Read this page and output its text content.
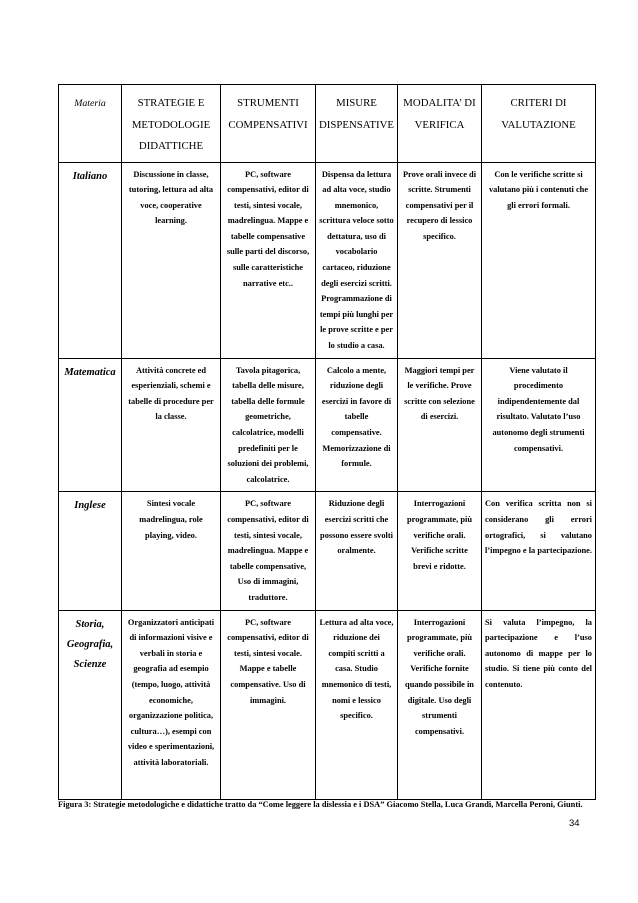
Materia	STRATEGIE E METODOLOGIE DIDATTICHE	STRUMENTI COMPENSATIVI	MISURE DISPENSATIVE	MODALITA’ DI VERIFICA	CRITERI DI VALUTAZIONE
Italiano	Discussione in classe, tutoring, lettura ad alta voce, cooperative learning.	PC, software compensativi, editor di testi, sintesi vocale, madrelingua. Mappe e tabelle compensative sulle parti del discorso, sulle caratteristiche narrative etc..	Dispensa da lettura ad alta voce, studio mnemonico, scrittura veloce sotto dettatura, uso di vocabolario cartaceo, riduzione degli esercizi scritti. Programmazione di tempi più lunghi per le prove scritte e per lo studio a casa.	Prove orali invece di scritte. Strumenti compensativi per il recupero di lessico specifico.	Con le verifiche scritte si valutano più i contenuti che gli errori formali.
Matematica	Attività concrete ed esperienziali, schemi e tabelle di procedure per la classe.	Tavola pitagorica, tabella delle misure, tabella delle formule geometriche, calcolatrice, modelli predefiniti per le soluzioni dei problemi, calcolatrice.	Calcolo a mente, riduzione degli esercizi in favore di tabelle compensative. Memorizzazione di formule.	Maggiori tempi per le verifiche. Prove scritte con selezione di esercizi.	Viene valutato il procedimento indipendentemente dal risultato. Valutato l’uso autonomo degli strumenti compensativi.
Inglese	Sintesi vocale madrelingua, role playing, video.	PC, software compensativi, editor di testi, sintesi vocale, madrelingua. Mappe e tabelle compensative, Uso di immagini, traduttore.	Riduzione degli esercizi scritti che possono essere svolti oralmente.	Interrogazioni programmate, più verifiche orali. Verifiche scritte brevi e ridotte.	Con verifica scritta non si considerano gli errori ortografici, si valutano l’impegno e la partecipazione.
Storia, Geografia, Scienze	Organizzatori anticipati di informazioni visive e verbali in storia e geografia ad esempio (tempo, luogo, attività economiche, organizzazione politica, cultura…), esempi con video e sperimentazioni, attività laboratoriali.	PC, software compensativi, editor di testi, sintesi vocale. Mappe e tabelle compensative. Uso di immagini.	Lettura ad alta voce, riduzione dei compiti scritti a casa. Studio mnemonico di testi, nomi e lessico specifico.	Interrogazioni programmate, più verifiche orali. Verifiche fornite quando possibile in digitale. Uso degli strumenti compensativi.	Si valuta l’impegno, la partecipazione e l’uso autonomo di mappe per lo studio. Si tiene più conto del contenuto.
Figura 3: Strategie metodologiche e didattiche tratto da “Come leggere la dislessia e i DSA” Giacomo Stella, Luca Grandi, Marcella Peroni, Giunti.
34
